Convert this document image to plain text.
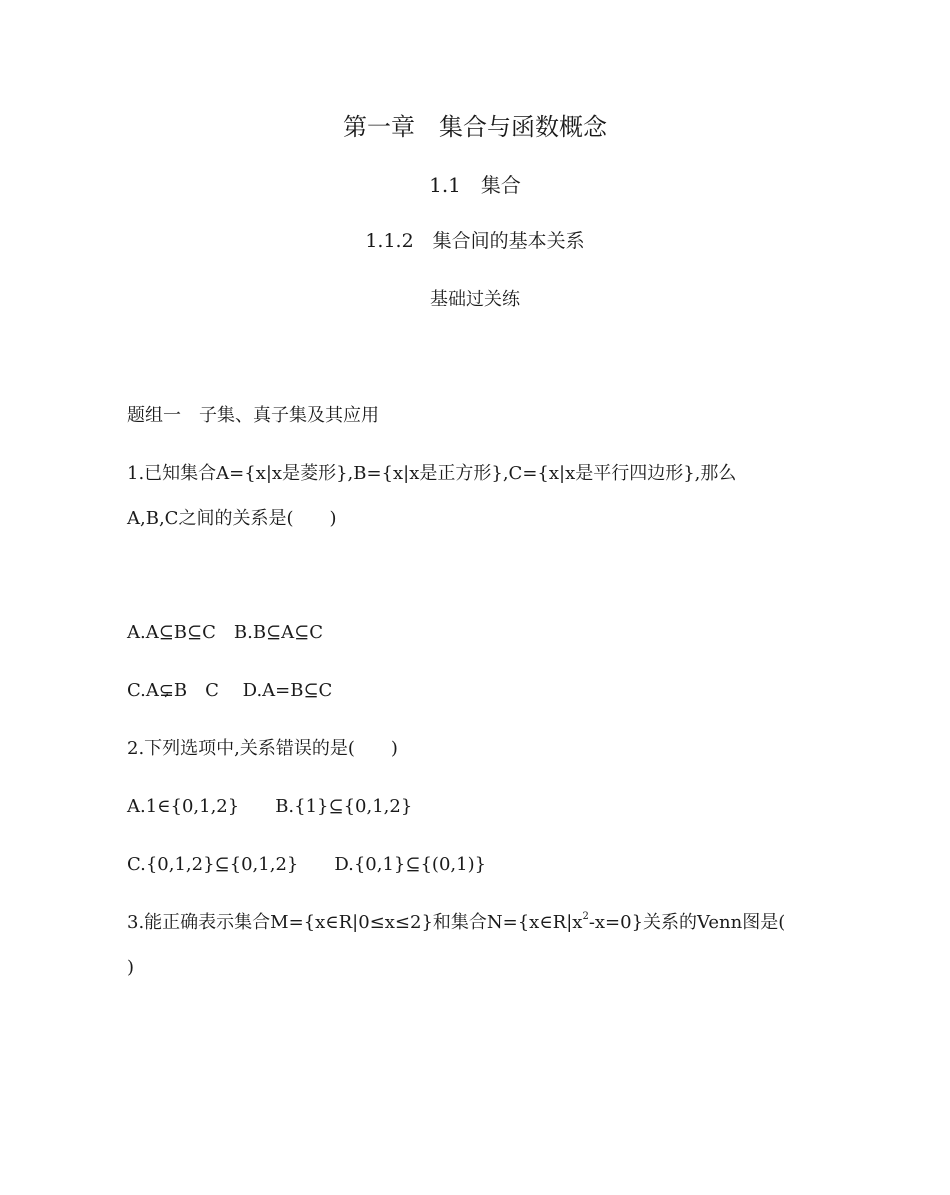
第一章　集合与函数概念
1.1　集合
1.1.2　集合间的基本关系
基础过关练
题组一　子集、真子集及其应用
1.已知集合A={x|x是菱形},B={x|x是正方形},C={x|x是平行四边形},那么
A,B,C之间的关系是(　　)
A.A⊆B⊆C　B.B⊆A⊆C
C.A⊊B　C　 D.A=B⊆C
2.下列选项中,关系错误的是(　　)
A.1∈{0,1,2}　　B.{1}⊆{0,1,2}
C.{0,1,2}⊆{0,1,2}　　D.{0,1}⊆{(0,1)}
3.能正确表示集合M={x∈R|0≤x≤2}和集合$N=\{x\in R|x^2-x=0\}$关系的Venn图是(
)
